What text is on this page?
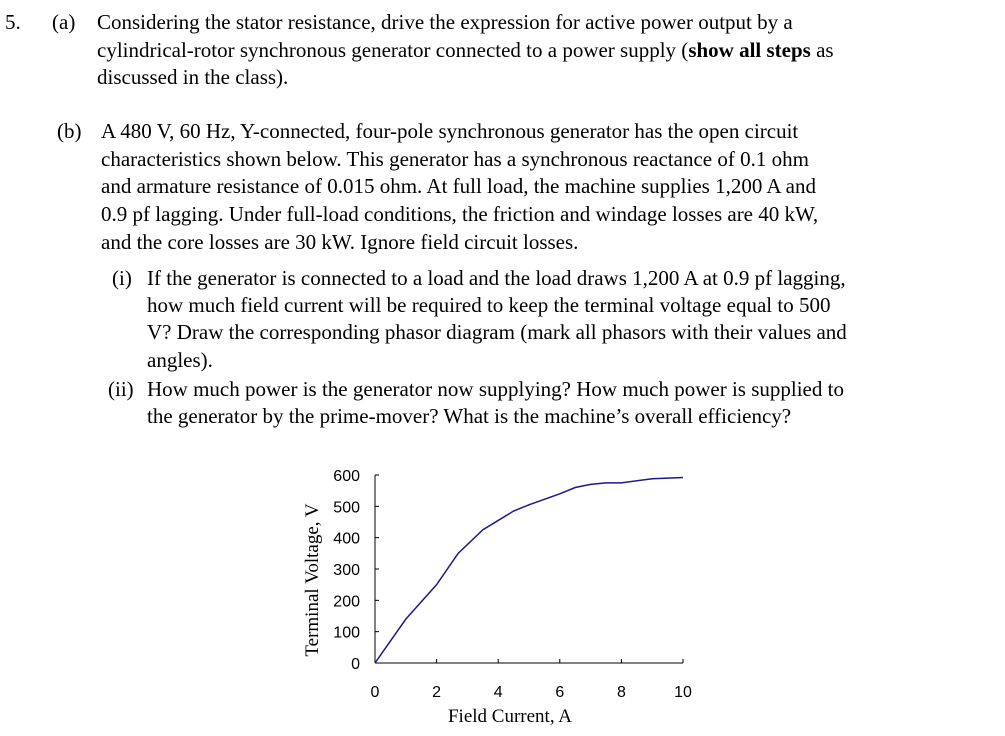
5. (a) Considering the stator resistance, drive the expression for active power output by a
cylindrical-rotor synchronous generator connected to a power supply (show all steps as
discussed in the class).
(b) A 480 V, 60 Hz, Y-connected, four-pole synchronous generator has the open circuit
characteristics shown below. This generator has a synchronous reactance of 0.1 ohm
and armature resistance of 0.015 ohm. At full load, the machine supplies 1,200 A and
0.9 pf lagging. Under full-load conditions, the friction and windage losses are 40 kW,
and the core losses are 30 kW. Ignore field circuit losses.
(i) If the generator is connected to a load and the load draws 1,200 A at 0.9 pf lagging,
how much field current will be required to keep the terminal voltage equal to 500
V? Draw the corresponding phasor diagram (mark all phasors with their values and
angles).
(ii) How much power is the generator now supplying? How much power is supplied to
the generator by the prime-mover? What is the machine’s overall efficiency?
Terminal Voltage, V
Field Current, A
0
100
200
300
400
500
600
0	2	4	6	8	10
